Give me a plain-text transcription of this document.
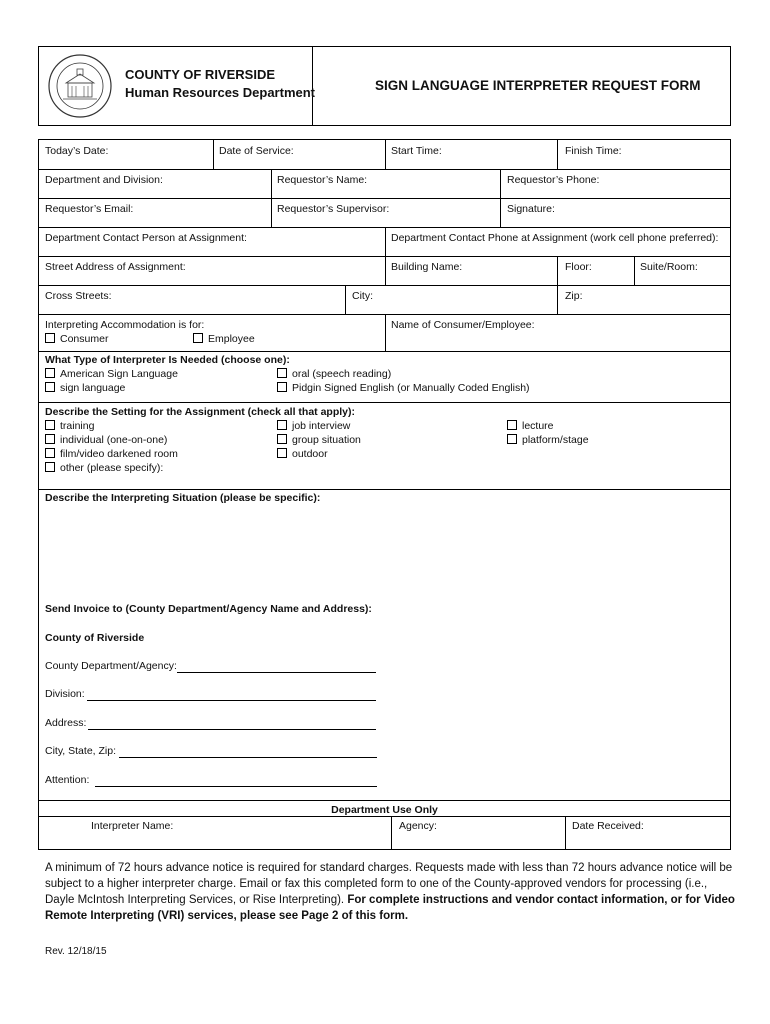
COUNTY OF RIVERSIDE
Human Resources Department	SIGN LANGUAGE INTERPRETER REQUEST FORM
Today’s Date:	Date of Service:	Start Time:	Finish Time:
Department and Division:	Requestor’s Name:	Requestor’s Phone:
Requestor’s Email:	Requestor’s Supervisor:	Signature:
Department Contact Person at Assignment:	Department Contact Phone at Assignment (work cell phone preferred):
Street Address of Assignment:	Building Name:	Floor:	Suite/Room:
Cross Streets:	City:	Zip:
Interpreting Accommodation is for:
Consumer	Employee
Name of Consumer/Employee:
What Type of Interpreter Is Needed (choose one):
American Sign Language
sign language
oral (speech reading)
Pidgin Signed English (or Manually Coded English)
Describe the Setting for the Assignment (check all that apply):
training
individual (one-on-one)
film/video darkened room
other (please specify):
job interview
group situation
outdoor
lecture
platform/stage
Describe the Interpreting Situation (please be specific):
Send Invoice to (County Department/Agency Name and Address):
County of Riverside
County Department/Agency:
Division:
Address:
City, State, Zip:
Attention:
Department Use Only
Interpreter Name:	Agency:	Date Received:
A minimum of 72 hours advance notice is required for standard charges. Requests made with less than 72 hours advance notice will be subject to a higher interpreter charge. Email or fax this completed form to one of the County-approved vendors for processing (i.e., Dayle McIntosh Interpreting Services, or Rise Interpreting). For complete instructions and vendor contact information, or for Video Remote Interpreting (VRI) services, please see Page 2 of this form.
Rev. 12/18/15
